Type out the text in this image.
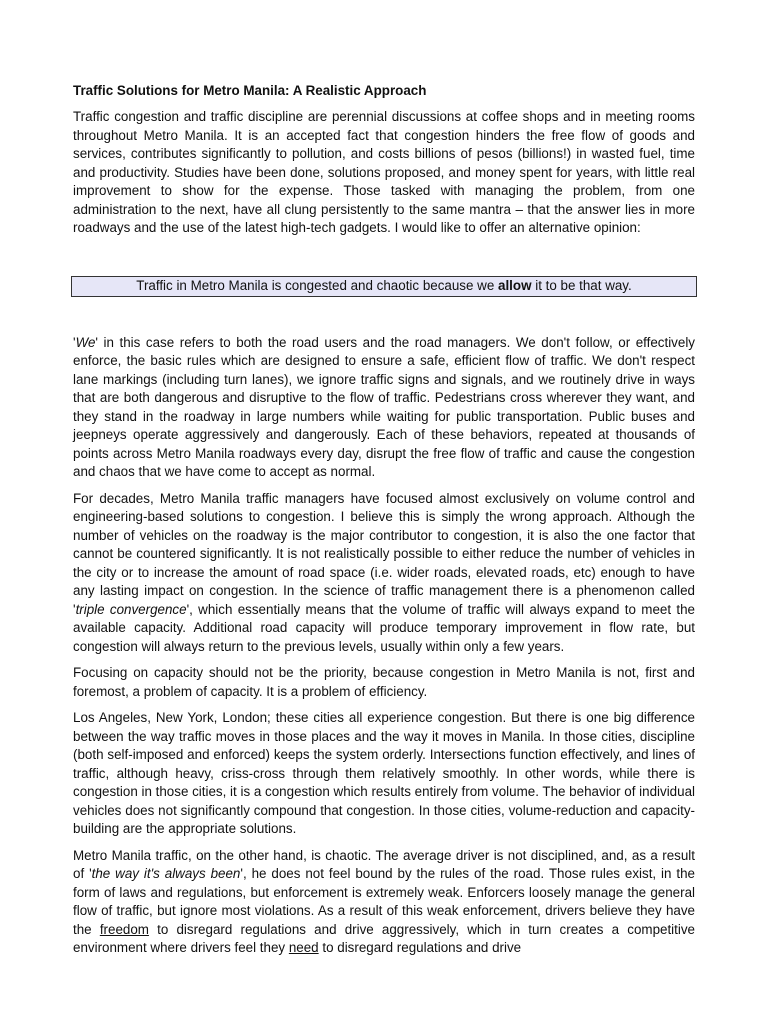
Traffic Solutions for Metro Manila: A Realistic Approach

Traffic congestion and traffic discipline are perennial discussions at coffee shops and in meeting rooms throughout Metro Manila. It is an accepted fact that congestion hinders the free flow of goods and services, contributes significantly to pollution, and costs billions of pesos (billions!) in wasted fuel, time and productivity. Studies have been done, solutions proposed, and money spent for years, with little real improvement to show for the expense. Those tasked with managing the problem, from one administration to the next, have all clung persistently to the same mantra – that the answer lies in more roadways and the use of the latest high-tech gadgets. I would like to offer an alternative opinion:

Traffic in Metro Manila is congested and chaotic because we allow it to be that way.

'We' in this case refers to both the road users and the road managers. We don't follow, or effectively enforce, the basic rules which are designed to ensure a safe, efficient flow of traffic. We don't respect lane markings (including turn lanes), we ignore traffic signs and signals, and we routinely drive in ways that are both dangerous and disruptive to the flow of traffic. Pedestrians cross wherever they want, and they stand in the roadway in large numbers while waiting for public transportation. Public buses and jeepneys operate aggressively and dangerously. Each of these behaviors, repeated at thousands of points across Metro Manila roadways every day, disrupt the free flow of traffic and cause the congestion and chaos that we have come to accept as normal.

For decades, Metro Manila traffic managers have focused almost exclusively on volume control and engineering-based solutions to congestion. I believe this is simply the wrong approach. Although the number of vehicles on the roadway is the major contributor to congestion, it is also the one factor that cannot be countered significantly. It is not realistically possible to either reduce the number of vehicles in the city or to increase the amount of road space (i.e. wider roads, elevated roads, etc) enough to have any lasting impact on congestion. In the science of traffic management there is a phenomenon called 'triple convergence', which essentially means that the volume of traffic will always expand to meet the available capacity. Additional road capacity will produce temporary improvement in flow rate, but congestion will always return to the previous levels, usually within only a few years.

Focusing on capacity should not be the priority, because congestion in Metro Manila is not, first and foremost, a problem of capacity. It is a problem of efficiency.

Los Angeles, New York, London; these cities all experience congestion. But there is one big difference between the way traffic moves in those places and the way it moves in Manila. In those cities, discipline (both self-imposed and enforced) keeps the system orderly. Intersections function effectively, and lines of traffic, although heavy, criss-cross through them relatively smoothly. In other words, while there is congestion in those cities, it is a congestion which results entirely from volume. The behavior of individual vehicles does not significantly compound that congestion. In those cities, volume-reduction and capacity-building are the appropriate solutions.

Metro Manila traffic, on the other hand, is chaotic. The average driver is not disciplined, and, as a result of 'the way it's always been', he does not feel bound by the rules of the road. Those rules exist, in the form of laws and regulations, but enforcement is extremely weak. Enforcers loosely manage the general flow of traffic, but ignore most violations. As a result of this weak enforcement, drivers believe they have the freedom to disregard regulations and drive aggressively, which in turn creates a competitive environment where drivers feel they need to disregard regulations and drive
